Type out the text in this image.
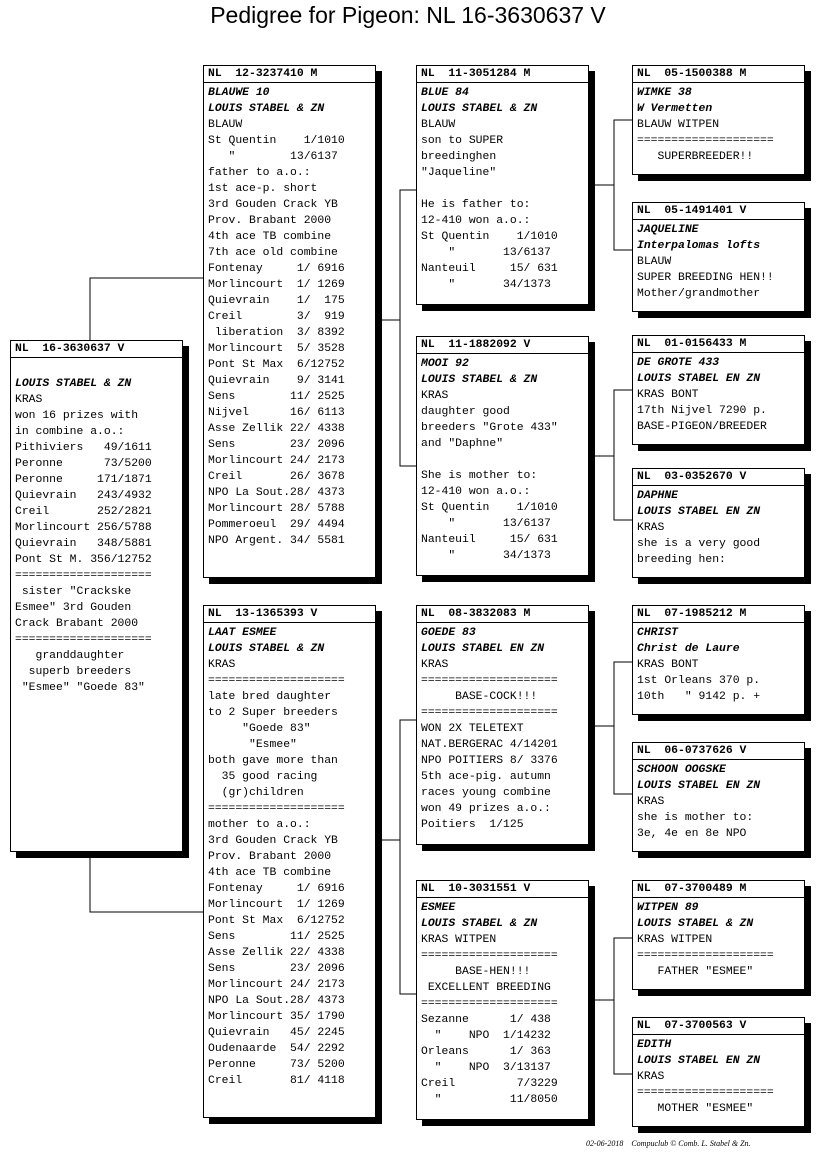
Pedigree for Pigeon: NL 16-3630637 V
NL  16-3630637 V
LOUIS STABEL & ZN
KRAS
won 16 prizes with
in combine a.o.:
Pithiviers   49/1611
Peronne      73/5200
Peronne     171/1871
Quievrain   243/4932
Creil       252/2821
Morlincourt 256/5788
Quievrain   348/5881
Pont St M. 356/12752
====================
sister "Crackske
Esmee" 3rd Gouden
Crack Brabant 2000
====================
granddaughter
superb breeders
"Esmee" "Goede 83"
NL  12-3237410 M
BLAUWE 10
LOUIS STABEL & ZN
BLAUW
St Quentin    1/1010
"        13/6137
father to a.o.:
1st ace-p. short
3rd Gouden Crack YB
Prov. Brabant 2000
4th ace TB combine
7th ace old combine
Fontenay     1/ 6916
Morlincourt  1/ 1269
Quievrain    1/  175
Creil        3/  919
liberation  3/ 8392
Morlincourt  5/ 3528
Pont St Max  6/12752
Quievrain    9/ 3141
Sens        11/ 2525
Nijvel      16/ 6113
Asse Zellik 22/ 4338
Sens        23/ 2096
Morlincourt 24/ 2173
Creil       26/ 3678
NPO La Sout.28/ 4373
Morlincourt 28/ 5788
Pommeroeul  29/ 4494
NPO Argent. 34/ 5581
NL  13-1365393 V
LAAT ESMEE
LOUIS STABEL & ZN
KRAS
====================
late bred daughter
to 2 Super breeders
"Goede 83"
"Esmee"
both gave more than
35 good racing
(gr)children
====================
mother to a.o.:
3rd Gouden Crack YB
Prov. Brabant 2000
4th ace TB combine
Fontenay     1/ 6916
Morlincourt  1/ 1269
Pont St Max  6/12752
Sens        11/ 2525
Asse Zellik 22/ 4338
Sens        23/ 2096
Morlincourt 24/ 2173
NPO La Sout.28/ 4373
Morlincourt 35/ 1790
Quievrain   45/ 2245
Oudenaarde  54/ 2292
Peronne     73/ 5200
Creil       81/ 4118
NL  11-3051284 M
BLUE 84
LOUIS STABEL & ZN
BLAUW
son to SUPER
breedinghen
"Jaqueline"
He is father to:
12-410 won a.o.:
St Quentin    1/1010
"       13/6137
Nanteuil     15/ 631
"       34/1373
NL  11-1882092 V
MOOI 92
LOUIS STABEL & ZN
KRAS
daughter good
breeders "Grote 433"
and "Daphne"
She is mother to:
12-410 won a.o.:
St Quentin    1/1010
"       13/6137
Nanteuil     15/ 631
"       34/1373
NL  08-3832083 M
GOEDE 83
LOUIS STABEL EN ZN
KRAS
====================
BASE-COCK!!!
====================
WON 2X TELETEXT
NAT.BERGERAC 4/14201
NPO POITIERS 8/ 3376
5th ace-pig. autumn
races young combine
won 49 prizes a.o.:
Poitiers  1/125
NL  10-3031551 V
ESMEE
LOUIS STABEL & ZN
KRAS WITPEN
====================
BASE-HEN!!!
EXCELLENT BREEDING
====================
Sezanne      1/ 438
"    NPO  1/14232
Orleans      1/ 363
"    NPO  3/13137
Creil         7/3229
"          11/8050
NL  05-1500388 M
WIMKE 38
W Vermetten
BLAUW WITPEN
====================
SUPERBREEDER!!
NL  05-1491401 V
JAQUELINE
Interpalomas lofts
BLAUW
SUPER BREEDING HEN!!
Mother/grandmother
NL  01-0156433 M
DE GROTE 433
LOUIS STABEL EN ZN
KRAS BONT
17th Nijvel 7290 p.
BASE-PIGEON/BREEDER
NL  03-0352670 V
DAPHNE
LOUIS STABEL EN ZN
KRAS
she is a very good
breeding hen:
NL  07-1985212 M
CHRIST
Christ de Laure
KRAS BONT
1st Orleans 370 p.
10th   " 9142 p. +
NL  06-0737626 V
SCHOON OOGSKE
LOUIS STABEL EN ZN
KRAS
she is mother to:
3e, 4e en 8e NPO
NL  07-3700489 M
WITPEN 89
LOUIS STABEL & ZN
KRAS WITPEN
====================
FATHER "ESMEE"
NL  07-3700563 V
EDITH
LOUIS STABEL EN ZN
KRAS
====================
MOTHER "ESMEE"
02-06-2018 Compuclub © Comb. L. Stabel & Zn.
